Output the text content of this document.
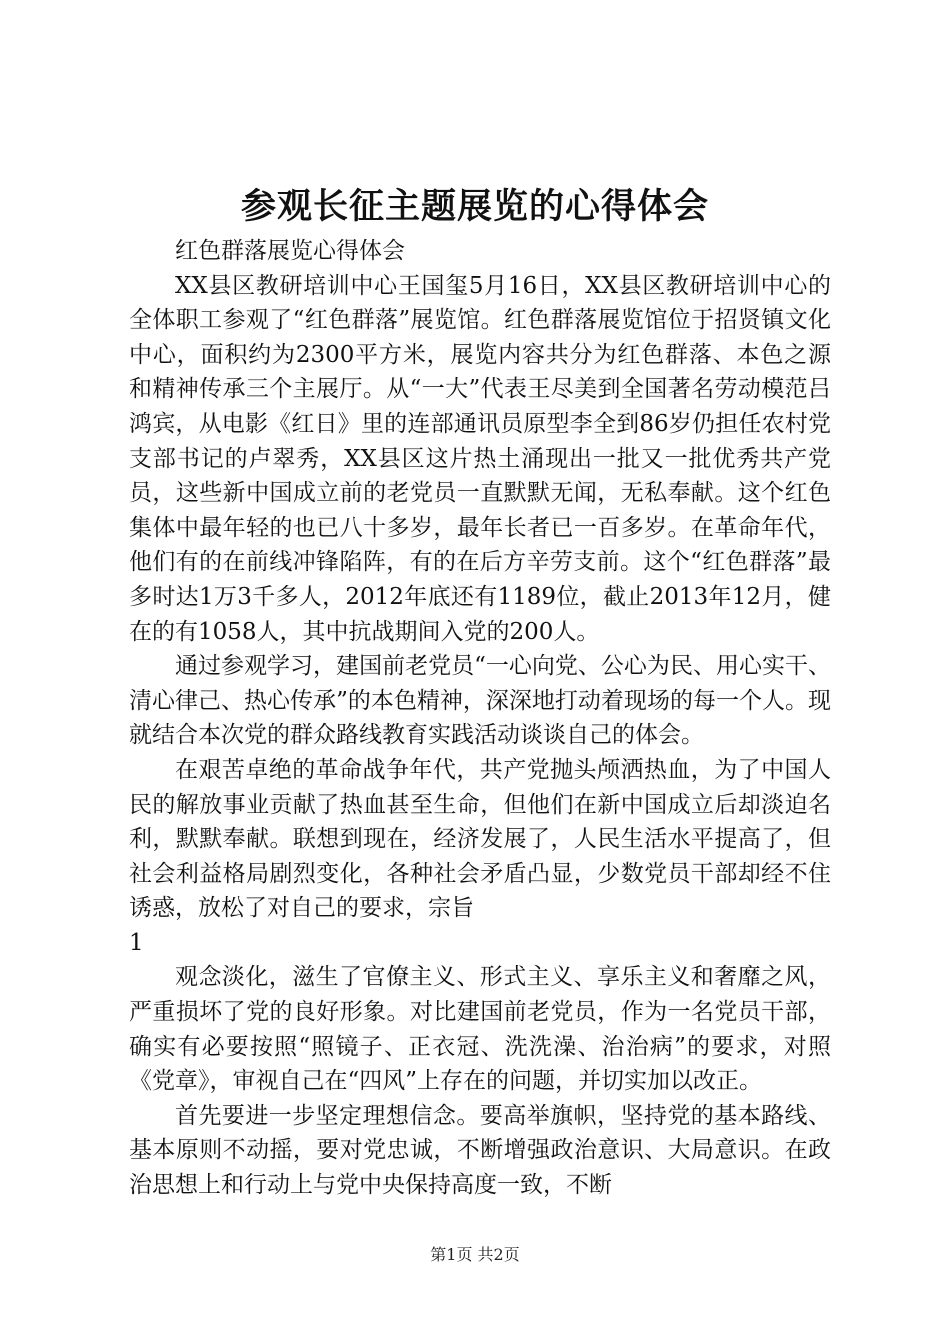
参观长征主题展览的心得体会

红色群落展览心得体会

XX县区教研培训中心王国玺5月16日，XX县区教研培训中心的全体职工参观了“红色群落”展览馆。红色群落展览馆位于招贤镇文化中心，面积约为2300平方米，展览内容共分为红色群落、本色之源和精神传承三个主展厅。从“一大”代表王尽美到全国著名劳动模范吕鸿宾，从电影《红日》里的连部通讯员原型李全到86岁仍担任农村党支部书记的卢翠秀，XX县区这片热土涌现出一批又一批优秀共产党员，这些新中国成立前的老党员一直默默无闻，无私奉献。这个红色集体中最年轻的也已八十多岁，最年长者已一百多岁。在革命年代，他们有的在前线冲锋陷阵，有的在后方辛劳支前。这个“红色群落”最多时达1万3千多人，2012年底还有1189位，截止2013年12月，健在的有1058人，其中抗战期间入党的200人。

通过参观学习，建国前老党员“一心向党、公心为民、用心实干、清心律己、热心传承”的本色精神，深深地打动着现场的每一个人。现就结合本次党的群众路线教育实践活动谈谈自己的体会。

在艰苦卓绝的革命战争年代，共产党抛头颅洒热血，为了中国人民的解放事业贡献了热血甚至生命，但他们在新中国成立后却淡迫名利，默默奉献。联想到现在，经济发展了，人民生活水平提高了，但社会利益格局剧烈变化，各种社会矛盾凸显，少数党员干部却经不住诱惑，放松了对自己的要求，宗旨

1

观念淡化，滋生了官僚主义、形式主义、享乐主义和奢靡之风，严重损坏了党的良好形象。对比建国前老党员，作为一名党员干部，确实有必要按照“照镜子、正衣冠、洗洗澡、治治病”的要求，对照《党章》，审视自己在“四风”上存在的问题，并切实加以改正。

首先要进一步坚定理想信念。要高举旗帜，坚持党的基本路线、基本原则不动摇，要对党忠诚，不断增强政治意识、大局意识。在政治思想上和行动上与党中央保持高度一致，不断

第1页 共2页
